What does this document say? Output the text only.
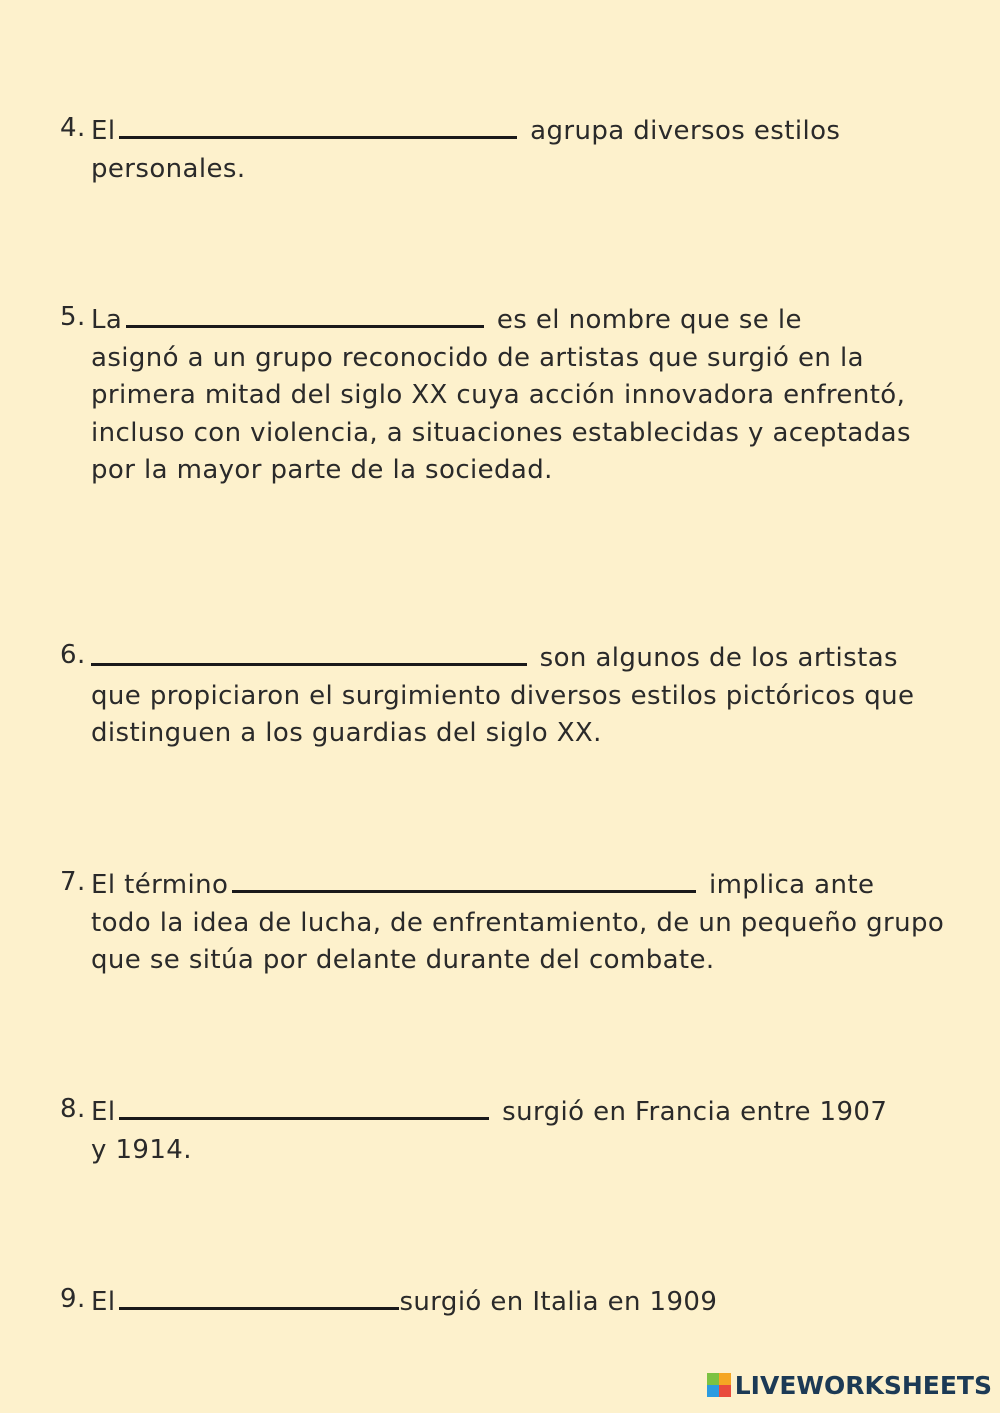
4. El	agrupa diversos estilos
personales.
5. La	es el nombre que se le
asignó a un grupo reconocido de artistas que surgió en la primera mitad del siglo XX cuya acción innovadora enfrentó, incluso con violencia, a situaciones establecidas y aceptadas por la mayor parte de la sociedad.
6.	son algunos de los artistas
que propiciaron el surgimiento diversos estilos pictóricos que distinguen a los guardias del siglo XX.
7. El término	implica ante
todo la idea de lucha, de enfrentamiento, de un pequeño grupo que se sitúa por delante durante del combate.
8. El	surgió en Francia entre 1907
y 1914.
9. El	surgió en Italia en 1909
LIVEWORKSHEETS
